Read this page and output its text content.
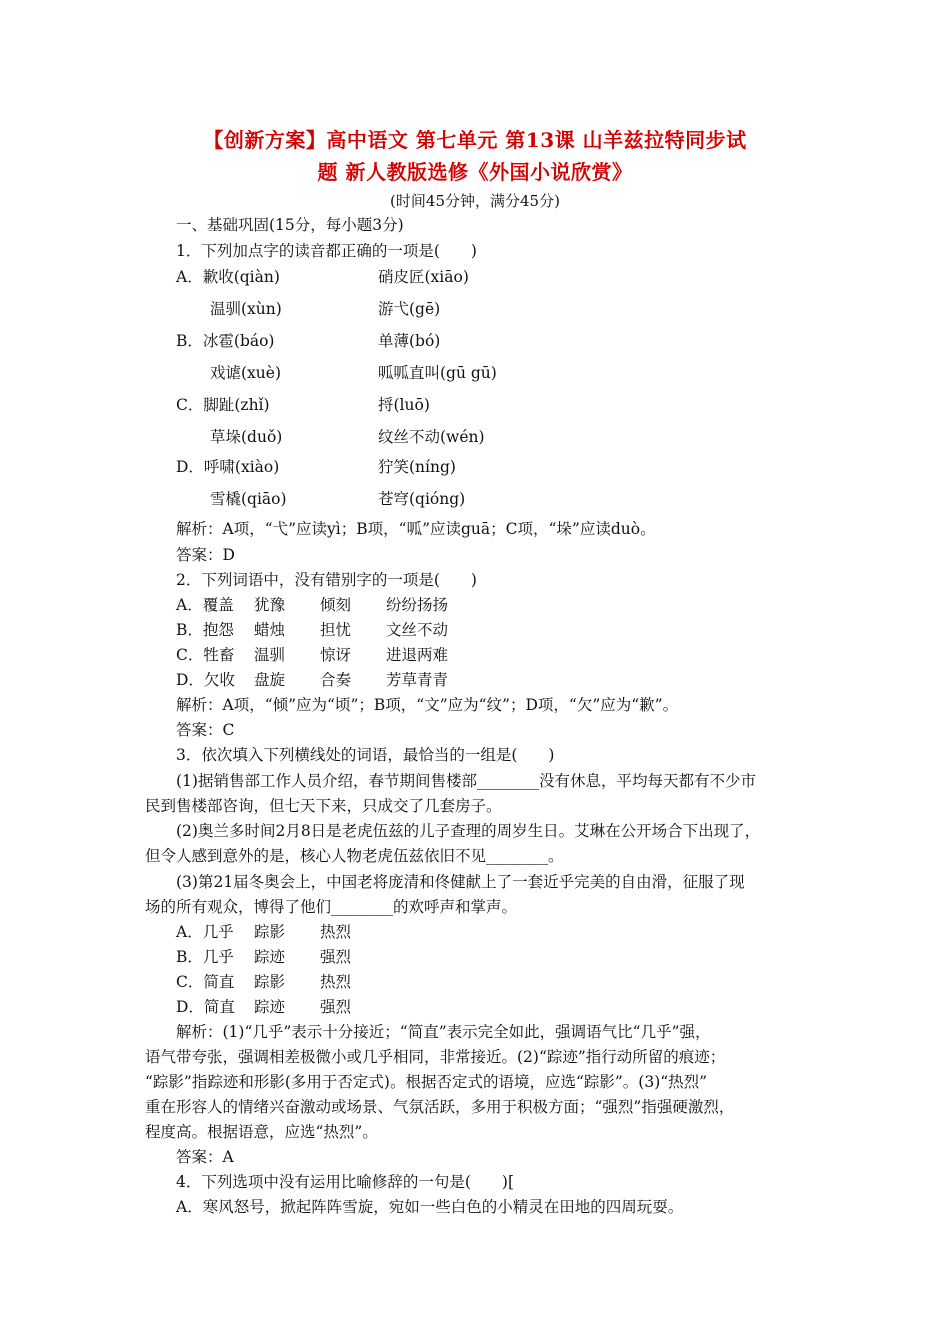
【创新方案】高中语文 第七单元 第13课 山羊兹拉特同步试
题 新人教版选修《外国小说欣赏》
(时间45分钟，满分45分)
一、基础巩固(15分，每小题3分)
1．下列加点字的读音都正确的一项是(　　)
A．歉收(qiàn)	硝皮匠(xiāo)
温驯(xùn)	游弋(gē)
B．冰雹(báo)	单薄(bó)
戏谑(xuè)	呱呱直叫(gū gū)
C．脚趾(zhǐ)	捋(luō)
草垛(duǒ)	纹丝不动(wén)
D．呼啸(xiào)	狞笑(níng)
雪橇(qiāo)	苍穹(qióng)
解析：A项，“弋”应读yì；B项，“呱”应读guā；C项，“垛”应读duò。
答案：D
2．下列词语中，没有错别字的一项是(　　)
A．覆盖 犹豫 倾刻 纷纷扬扬
B．抱怨 蜡烛 担忧 文丝不动
C．牲畜 温驯 惊讶 进退两难
D．欠收 盘旋 合奏 芳草青青
解析：A项，“倾”应为“顷”；B项，“文”应为“纹”；D项，“欠”应为“歉”。
答案：C
3．依次填入下列横线处的词语，最恰当的一组是(　　)
(1)据销售部工作人员介绍，春节期间售楼部________没有休息，平均每天都有不少市
民到售楼部咨询，但七天下来，只成交了几套房子。
(2)奥兰多时间2月8日是老虎伍兹的儿子查理的周岁生日。艾琳在公开场合下出现了，
但令人感到意外的是，核心人物老虎伍兹依旧不见________。
(3)第21届冬奥会上，中国老将庞清和佟健献上了一套近乎完美的自由滑，征服了现
场的所有观众，博得了他们________的欢呼声和掌声。
A．几乎 踪影 热烈
B．几乎 踪迹 强烈
C．简直 踪影 热烈
D．简直 踪迹 强烈
解析：(1)“几乎”表示十分接近；“简直”表示完全如此，强调语气比“几乎”强，
语气带夸张，强调相差极微小或几乎相同，非常接近。(2)“踪迹”指行动所留的痕迹；
“踪影”指踪迹和形影(多用于否定式)。根据否定式的语境，应选“踪影”。(3)“热烈”
重在形容人的情绪兴奋激动或场景、气氛活跃，多用于积极方面；“强烈”指强硬激烈，
程度高。根据语意，应选“热烈”。
答案：A
4．下列选项中没有运用比喻修辞的一句是(　　)[
A．寒风怒号，掀起阵阵雪旋，宛如一些白色的小精灵在田地的四周玩耍。
